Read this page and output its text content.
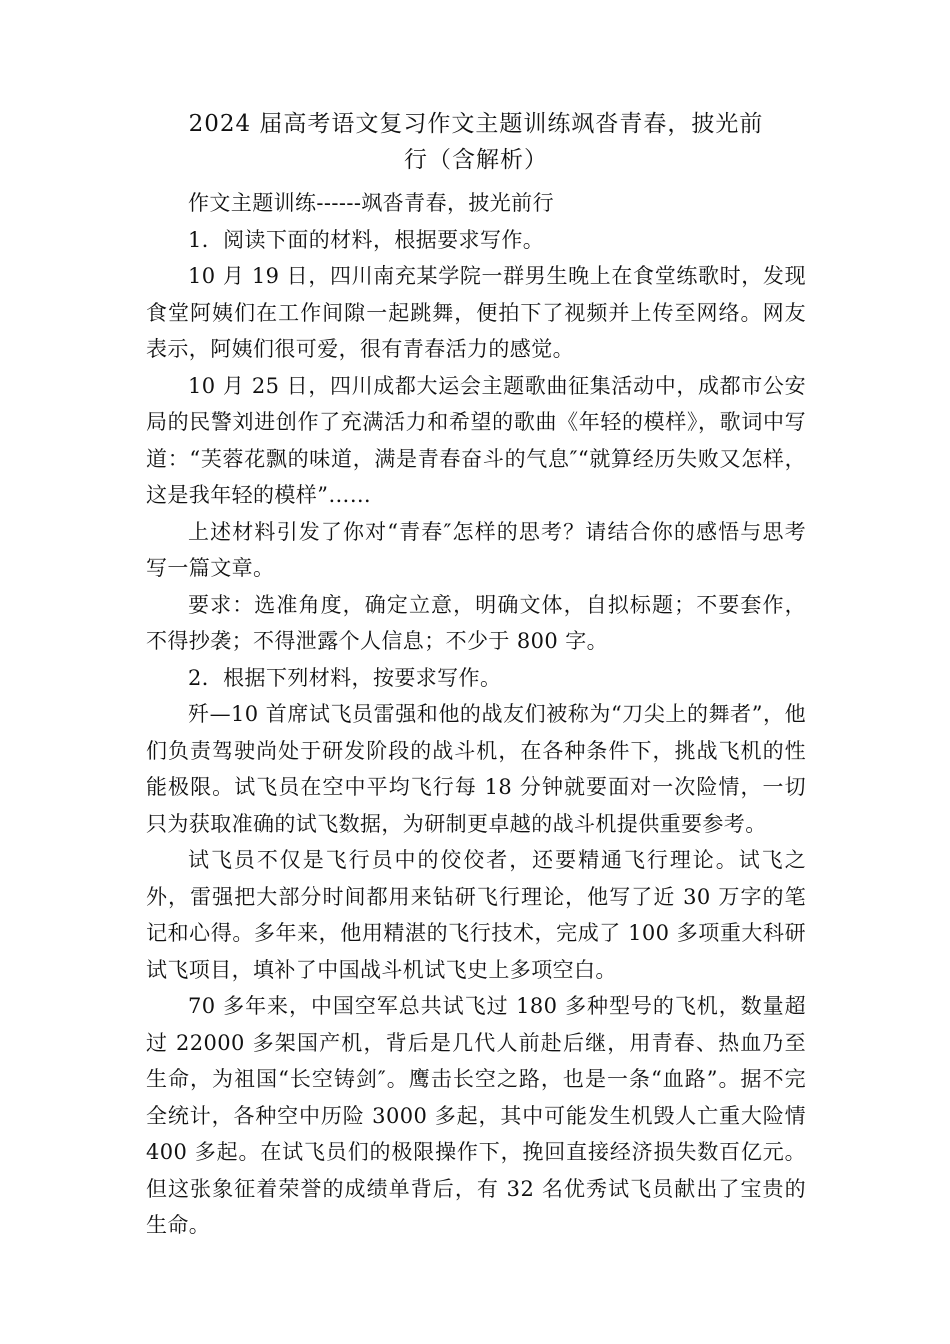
2024 届高考语文复习作文主题训练飒沓青春，披光前
行（含解析）

作文主题训练------飒沓青春，披光前行

1．阅读下面的材料，根据要求写作。

10 月 19 日，四川南充某学院一群男生晚上在食堂练歌时，发现食堂阿姨们在工作间隙一起跳舞，便拍下了视频并上传至网络。网友表示，阿姨们很可爱，很有青春活力的感觉。

10 月 25 日，四川成都大运会主题歌曲征集活动中，成都市公安局的民警刘进创作了充满活力和希望的歌曲《年轻的模样》，歌词中写道：“芙蓉花飘的味道，满是青春奋斗的气息″“就算经历失败又怎样，这是我年轻的模样”……

上述材料引发了你对“青春″怎样的思考？请结合你的感悟与思考写一篇文章。

要求：选准角度，确定立意，明确文体，自拟标题；不要套作，不得抄袭；不得泄露个人信息；不少于 800 字。

2．根据下列材料，按要求写作。

歼—10 首席试飞员雷强和他的战友们被称为“刀尖上的舞者”，他们负责驾驶尚处于研发阶段的战斗机，在各种条件下，挑战飞机的性能极限。试飞员在空中平均飞行每 18 分钟就要面对一次险情，一切只为获取准确的试飞数据，为研制更卓越的战斗机提供重要参考。

试飞员不仅是飞行员中的佼佼者，还要精通飞行理论。试飞之外，雷强把大部分时间都用来钻研飞行理论，他写了近 30 万字的笔记和心得。多年来，他用精湛的飞行技术，完成了 100 多项重大科研试飞项目，填补了中国战斗机试飞史上多项空白。

70 多年来，中国空军总共试飞过 180 多种型号的飞机，数量超过 22000 多架国产机，背后是几代人前赴后继，用青春、热血乃至生命，为祖国“长空铸剑″。鹰击长空之路，也是一条“血路”。据不完全统计，各种空中历险 3000 多起，其中可能发生机毁人亡重大险情 400 多起。在试飞员们的极限操作下，挽回直接经济损失数百亿元。但这张象征着荣誉的成绩单背后，有 32 名优秀试飞员献出了宝贵的生命。
